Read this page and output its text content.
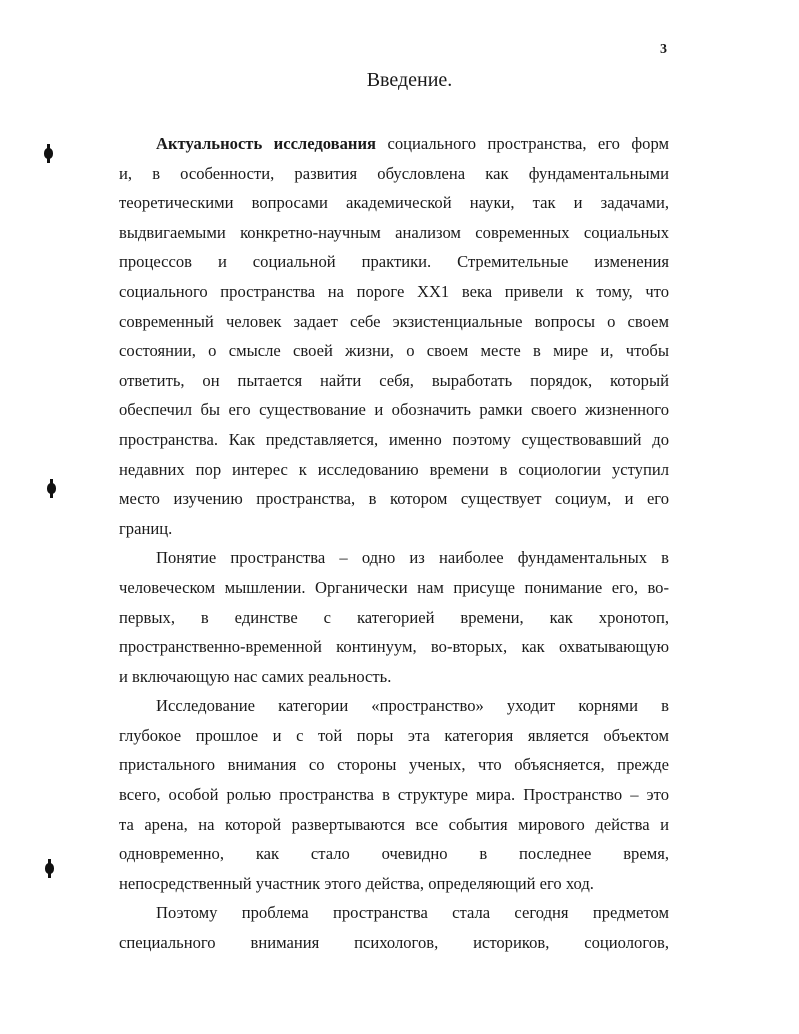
3
Введение.
Актуальность исследования социального пространства, его форм
и, в особенности, развития обусловлена как фундаментальными
теоретическими вопросами академической науки, так и задачами,
выдвигаемыми конкретно-научным анализом современных социальных
процессов и социальной практики. Стремительные изменения
социального пространства на пороге XX1 века привели к тому, что
современный человек задает себе экзистенциальные вопросы о своем
состоянии, о смысле своей жизни, о своем месте в мире и, чтобы
ответить, он пытается найти себя, выработать порядок, который
обеспечил бы его существование и обозначить рамки своего жизненного
пространства. Как представляется, именно поэтому существовавший до
недавних пор интерес к исследованию времени в социологии уступил
место изучению пространства, в котором существует социум, и его
границ.
Понятие пространства – одно из наиболее фундаментальных в
человеческом мышлении. Органически нам присуще понимание его, во-
первых, в единстве с категорией времени, как хронотоп,
пространственно-временной континуум, во-вторых, как охватывающую
и включающую нас самих реальность.
Исследование категории «пространство» уходит корнями в
глубокое прошлое и с той поры эта категория является объектом
пристального внимания со стороны ученых, что объясняется, прежде
всего, особой ролью пространства в структуре мира. Пространство – это
та арена, на которой развертываются все события мирового действа и
одновременно, как стало очевидно в последнее время,
непосредственный участник этого действа, определяющий его ход.
Поэтому проблема пространства стала сегодня предметом
специального внимания психологов, историков, социологов,
